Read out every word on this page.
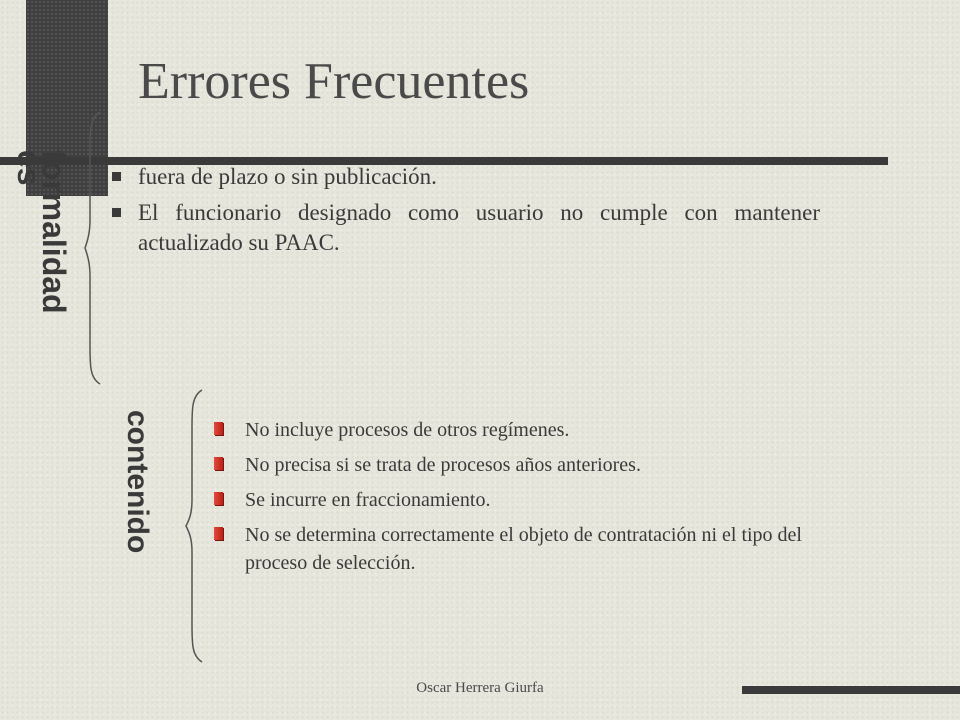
Errores Frecuentes
formalidad es
contenido
fuera de plazo o sin publicación.
El funcionario designado como usuario no cumple con mantener actualizado su PAAC.
No incluye procesos de otros regímenes.
No precisa si se trata de procesos años anteriores.
Se incurre en fraccionamiento.
No se determina correctamente el objeto de contratación ni el tipo del proceso de selección.
Oscar Herrera Giurfa
